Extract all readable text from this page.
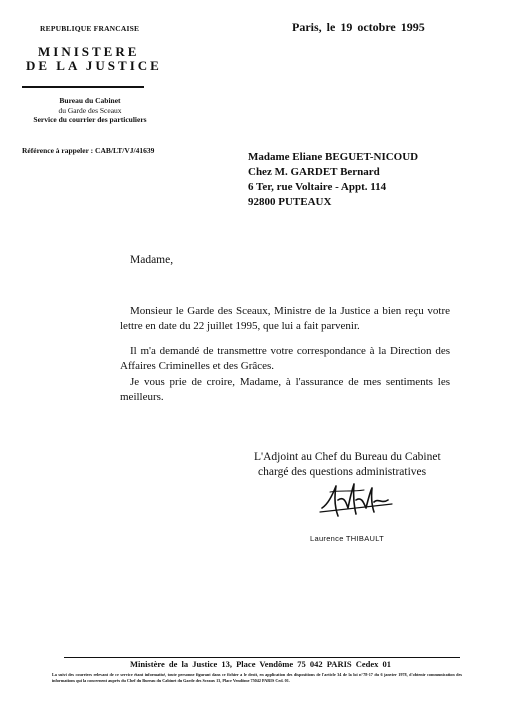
REPUBLIQUE FRANCAISE
MINISTERE
DE LA JUSTICE
Bureau du Cabinet
du Garde des Sceaux
Service du courrier des particuliers
Référence à rappeler : CAB/LT/VJ/41639
Paris, le 19 octobre 1995
Madame Eliane BEGUET-NICOUD
Chez M. GARDET Bernard
6 Ter, rue Voltaire - Appt. 114
92800 PUTEAUX
Madame,
Monsieur le Garde des Sceaux, Ministre de la Justice a bien reçu votre lettre en date du 22 juillet 1995, que lui a fait parvenir.
Il m'a demandé de transmettre votre correspondance à la Direction des Affaires Criminelles et des Grâces.
Je vous prie de croire, Madame, à l'assurance de mes sentiments les meilleurs.
L'Adjoint au Chef du Bureau du Cabinet
chargé des questions administratives
Laurence THIBAULT
Ministère de la Justice 13, Place Vendôme 75 042 PARIS Cedex 01
La suivi des courriers relevant de ce service étant informatisé, toute personne figurant dans ce fichier a le droit, en application des dispositions de l'article 34 de la loi n°78-17 du 6 janvier 1978, d'obtenir communication des informations qui la concernent auprès du Chef du Bureau du Cabinet du Garde des Sceaux 13, Place Vendôme 75042 PARIS Ced. 01.
